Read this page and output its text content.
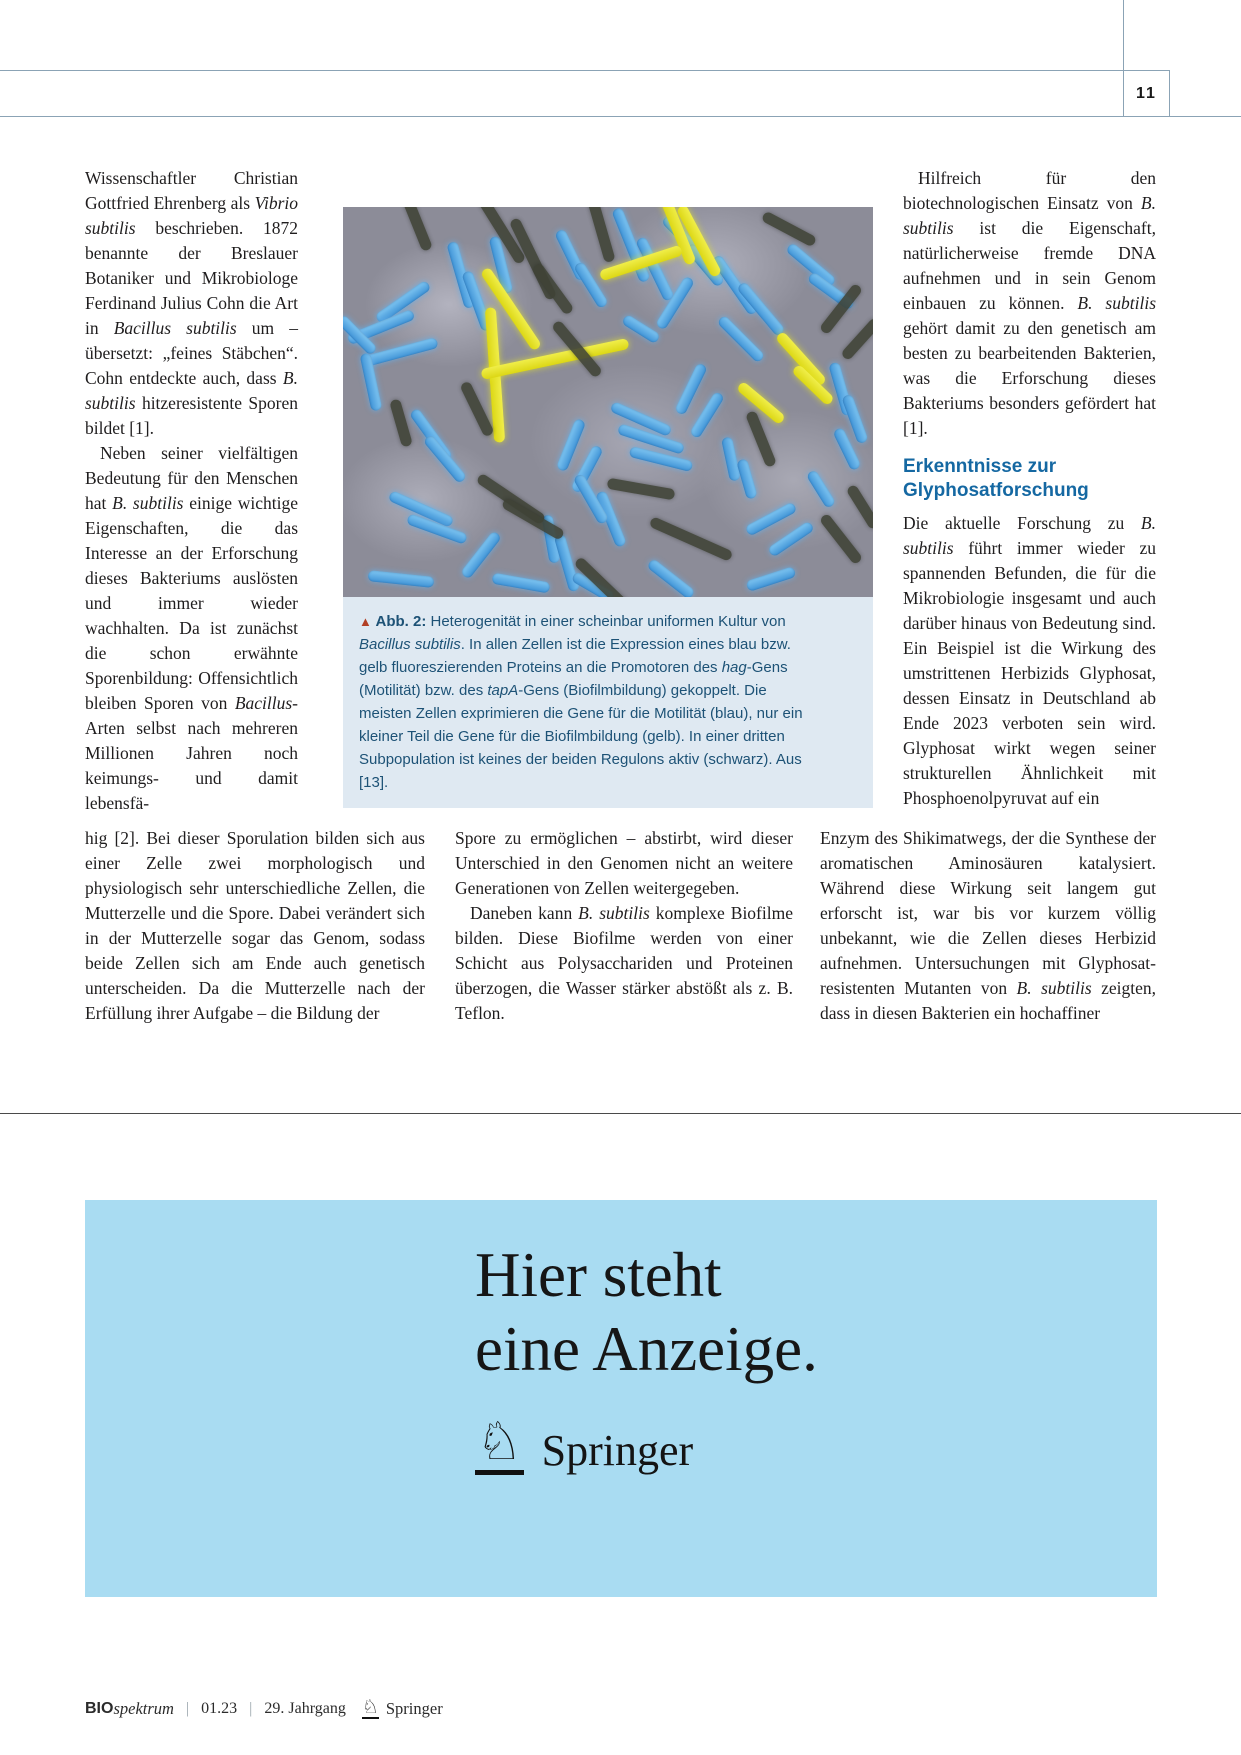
11

Wissenschaftler Christian Gottfried Ehrenberg als Vibrio subtilis beschrieben. 1872 benannte der Breslauer Botaniker und Mikrobiologe Ferdinand Julius Cohn die Art in Bacillus subtilis um – übersetzt: „feines Stäbchen“. Cohn entdeckte auch, dass B. subtilis hitzeresistente Sporen bildet [1].

Neben seiner vielfältigen Bedeutung für den Menschen hat B. subtilis einige wichtige Eigenschaften, die das Interesse an der Erforschung dieses Bakteriums auslösten und immer wieder wachhalten. Da ist zunächst die schon erwähnte Sporenbildung: Offensichtlich bleiben Sporen von Bacillus-Arten selbst nach mehreren Millionen Jahren noch keimungs- und damit lebensfä-

hig [2]. Bei dieser Sporulation bilden sich aus einer Zelle zwei morphologisch und physiologisch sehr unterschiedliche Zellen, die Mutterzelle und die Spore. Dabei verändert sich in der Mutterzelle sogar das Genom, sodass beide Zellen sich am Ende auch genetisch unterscheiden. Da die Mutterzelle nach der Erfüllung ihrer Aufgabe – die Bildung der

Spore zu ermöglichen – abstirbt, wird dieser Unterschied in den Genomen nicht an weitere Generationen von Zellen weitergegeben.

Daneben kann B. subtilis komplexe Biofilme bilden. Diese Biofilme werden von einer Schicht aus Polysacchariden und Proteinen überzogen, die Wasser stärker abstößt als z. B. Teflon.

Hilfreich für den biotechnologischen Einsatz von B. subtilis ist die Eigenschaft, natürlicherweise fremde DNA aufnehmen und in sein Genom einbauen zu können. B. subtilis gehört damit zu den genetisch am besten zu bearbeitenden Bakterien, was die Erforschung dieses Bakteriums besonders gefördert hat [1].

Erkenntnisse zur Glyphosatforschung

Die aktuelle Forschung zu B. subtilis führt immer wieder zu spannenden Befunden, die für die Mikrobiologie insgesamt und auch darüber hinaus von Bedeutung sind. Ein Beispiel ist die Wirkung des umstrittenen Herbizids Glyphosat, dessen Einsatz in Deutschland ab Ende 2023 verboten sein wird. Glyphosat wirkt wegen seiner strukturellen Ähnlichkeit mit Phosphoenolpyruvat auf ein

Enzym des Shikimatwegs, der die Synthese der aromatischen Aminosäuren katalysiert. Während diese Wirkung seit langem gut erforscht ist, war bis vor kurzem völlig unbekannt, wie die Zellen dieses Herbizid aufnehmen. Untersuchungen mit Glyphosat-resistenten Mutanten von B. subtilis zeigten, dass in diesen Bakterien ein hochaffiner

▲ Abb. 2: Heterogenität in einer scheinbar uniformen Kultur von Bacillus subtilis. In allen Zellen ist die Expression eines blau bzw. gelb fluoreszierenden Proteins an die Promotoren des hag-Gens (Motilität) bzw. des tapA-Gens (Biofilmbildung) gekoppelt. Die meisten Zellen exprimieren die Gene für die Motilität (blau), nur ein kleiner Teil die Gene für die Biofilmbildung (gelb). In einer dritten Subpopulation ist keines der beiden Regulons aktiv (schwarz). Aus [13].
Hier steht
eine Anzeige.
♘ Springer
BIO spektrum | 01.23 | 29. Jahrgang ♘ Springer
